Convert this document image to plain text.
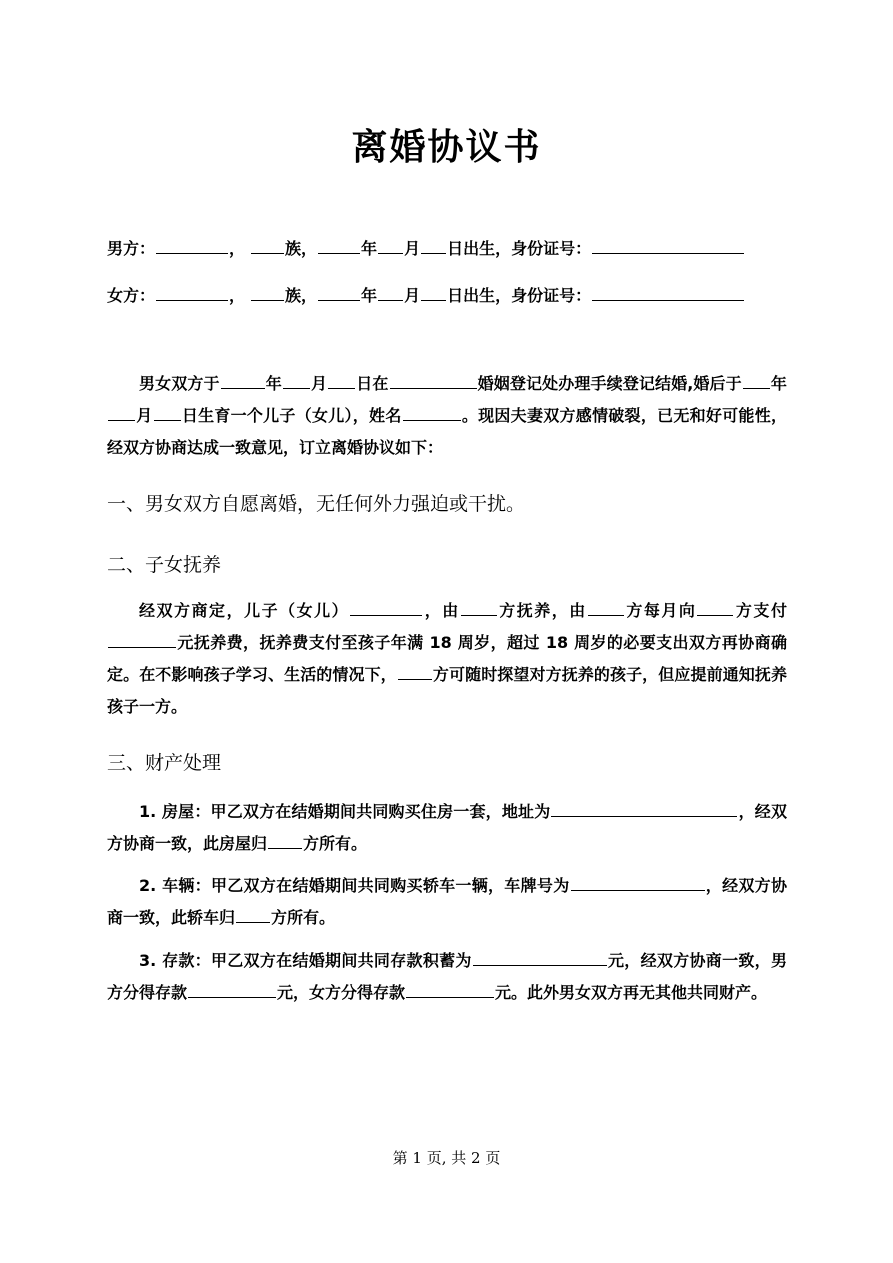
离婚协议书
男方：	，	族，	年 月 日出生，身份证号：
女方：	，	族，	年 月 日出生，身份证号：
男女双方于	年 月 日在	婚姻登记处办理手续登记结婚,婚后于 年月 日生育一个儿子（女儿），姓名	。现因夫妻双方感情破裂，已无和好可能性，经双方协商达成一致意见，订立离婚协议如下：
一、男女双方自愿离婚，无任何外力强迫或干扰。
二、子女抚养
经双方商定，儿子（女儿）	，由 方抚养，由 方每月向 方支付元抚养费，抚养费支付至孩子年满 18 周岁，超过 18 周岁的必要支出双方再协商确定。在不影响孩子学习、生活的情况下， 方可随时探望对方抚养的孩子，但应提前通知抚养孩子一方。
三、财产处理
1. 房屋：甲乙双方在结婚期间共同购买住房一套，地址为	，经双方协商一致，此房屋归 方所有。
2. 车辆：甲乙双方在结婚期间共同购买轿车一辆，车牌号为	，经双方协商一致，此轿车归 方所有。
3. 存款：甲乙双方在结婚期间共同存款积蓄为	元，经双方协商一致，男方分得存款	元，女方分得存款	元。此外男女双方再无其他共同财产。
第 1 页, 共 2 页
